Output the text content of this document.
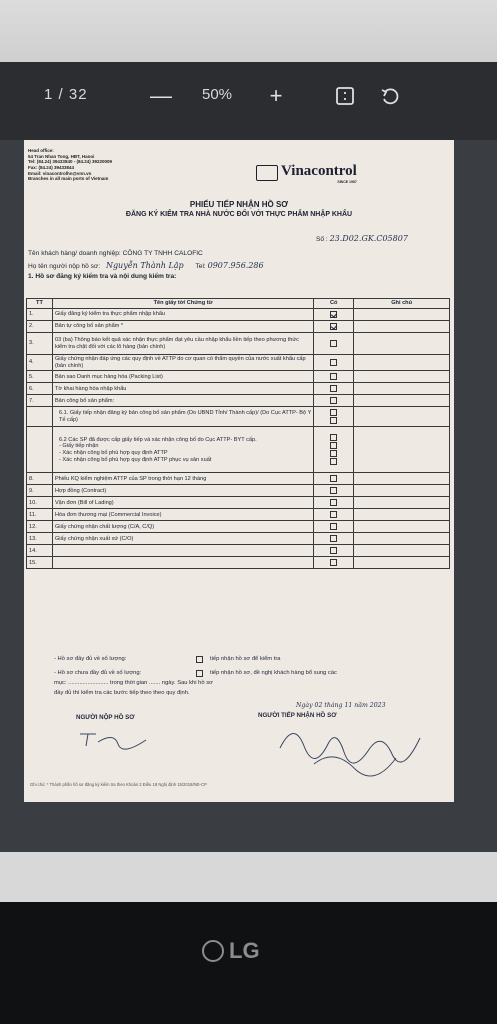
1 / 32	— 50% +
Head office:
54 Tran Nhan Tong, HBT, Hanoi
Tel: (84.24) 39433840 - (84.24) 39220009
Fax: (84.24) 39433844
Email: vinacontrolhn@vnn.vn
Branches in all main ports of Vietnam	Vinacontrol
SINCE 1957
PHIẾU TIẾP NHẬN HỒ SƠ
ĐĂNG KÝ KIỂM TRA NHÀ NƯỚC ĐỐI VỚI THỰC PHẨM NHẬP KHẨU
Số : 23.D02.GK.C05807
Tên khách hàng/ doanh nghiệp: CÔNG TY TNHH CALOFIC
Họ tên người nộp hồ sơ: Nguyễn Thành Lập Tel: 0907.956.286
1. Hồ sơ đăng ký kiểm tra và nội dung kiểm tra:
TT	Tên giấy tờ/ Chứng từ	Có	Ghi chú
1.	Giấy đăng ký kiểm tra thực phẩm nhập khẩu	

2.	Bản tự công bố sản phẩm *	

3.	03 (ba) Thông báo kết quả xác nhận thực phẩm đạt yêu cầu nhập khẩu liền tiếp theo phương thức kiểm tra chặt đối với các lô hàng (bản chính)	

4.	Giấy chứng nhận đáp ứng các quy định về ATTP do cơ quan có thẩm quyền của nước xuất khẩu cấp (bản chính)	

5.	Bản sao Danh mục hàng hóa (Packing List)	

6.	Tờ khai hàng hóa nhập khẩu	

7.	Bản công bố sản phẩm:	

	6.1. Giấy tiếp nhận đăng ký bản công bố sản phẩm (Do UBND Tỉnh/ Thành cấp)/ (Do Cục ATTP- Bộ Y Tế cấp)		

	6.2 Các SP đã được cấp giấy tiếp và xác nhận công bố do Cục ATTP- BYT cấp.
- Giấy tiếp nhận
- Xác nhận công bố phù hợp quy định ATTP
- Xác nhận công bố phù hợp quy định ATTP phục vụ sản xuất		

8.	Phiếu KQ kiểm nghiệm ATTP của SP trong thời hạn 12 tháng	

9.	Hợp đồng (Contract)	

10.	Vận đơn (Bill of Lading)	

11.	Hóa đơn thương mại (Commercial Invoice)	

12.	Giấy chứng nhận chất lượng (C/A, C/Q)	

13.	Giấy chứng nhận xuất xứ (C/O)	

14.		

15.		

- Hồ sơ đầy đủ về số lượng:	tiếp nhận hồ sơ để kiểm tra
- Hồ sơ chưa đầy đủ về số lượng:	tiếp nhận hồ sơ, đề nghị khách hàng bổ sung các
mục: ......................... trong thời gian ....... ngày. Sau khi hồ sơ
đầy đủ thì kiểm tra các bước tiếp theo theo quy định.
Ngày 02 tháng 11 năm 2023
NGƯỜI NỘP HỒ SƠ	NGƯỜI TIẾP NHẬN HỒ SƠ
Ghi chú: * Thành phần hồ sơ đăng ký kiểm tra theo Khoản 2 Điều 18 Nghị định 15/2018/NĐ-CP
LG
